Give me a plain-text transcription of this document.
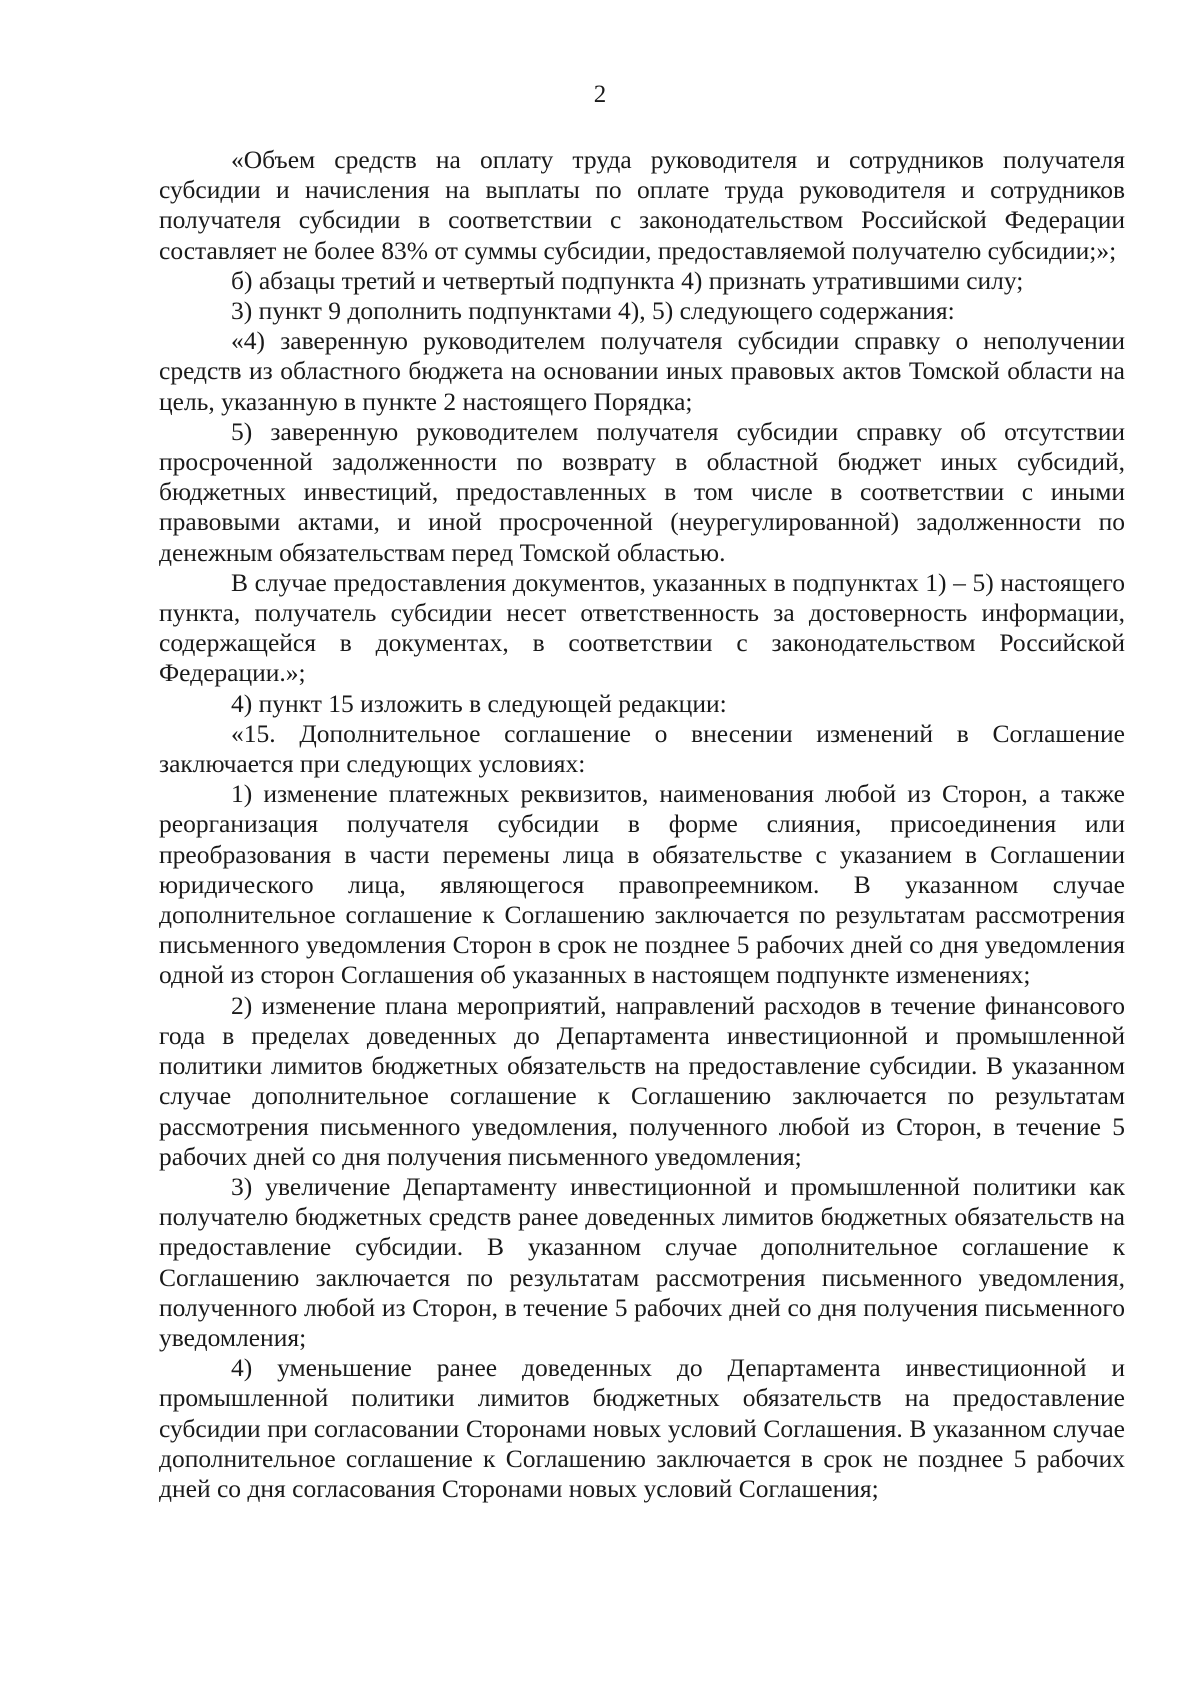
2

«Объем средств на оплату труда руководителя и сотрудников получателя субсидии и начисления на выплаты по оплате труда руководителя и сотрудников получателя субсидии в соответствии с законодательством Российской Федерации составляет не более 83% от суммы субсидии, предоставляемой получателю субсидии;»;

б) абзацы третий и четвертый подпункта 4) признать утратившими силу;

3) пункт 9 дополнить подпунктами 4), 5) следующего содержания:

«4) заверенную руководителем получателя субсидии справку о неполучении средств из областного бюджета на основании иных правовых актов Томской области на цель, указанную в пункте 2 настоящего Порядка;

5) заверенную руководителем получателя субсидии справку об отсутствии просроченной задолженности по возврату в областной бюджет иных субсидий, бюджетных инвестиций, предоставленных в том числе в соответствии с иными правовыми актами, и иной просроченной (неурегулированной) задолженности по денежным обязательствам перед Томской областью.

В случае предоставления документов, указанных в подпунктах 1) – 5) настоящего пункта, получатель субсидии несет ответственность за достоверность информации, содержащейся в документах, в соответствии с законодательством Российской Федерации.»;

4) пункт 15 изложить в следующей редакции:

«15. Дополнительное соглашение о внесении изменений в Соглашение заключается при следующих условиях:

1) изменение платежных реквизитов, наименования любой из Сторон, а также реорганизация получателя субсидии в форме слияния, присоединения или преобразования в части перемены лица в обязательстве с указанием в Соглашении юридического лица, являющегося правопреемником. В указанном случае дополнительное соглашение к Соглашению заключается по результатам рассмотрения письменного уведомления Сторон в срок не позднее 5 рабочих дней со дня уведомления одной из сторон Соглашения об указанных в настоящем подпункте изменениях;

2) изменение плана мероприятий, направлений расходов в течение финансового года в пределах доведенных до Департамента инвестиционной и промышленной политики лимитов бюджетных обязательств на предоставление субсидии. В указанном случае дополнительное соглашение к Соглашению заключается по результатам рассмотрения письменного уведомления, полученного любой из Сторон, в течение 5 рабочих дней со дня получения письменного уведомления;

3) увеличение Департаменту инвестиционной и промышленной политики как получателю бюджетных средств ранее доведенных лимитов бюджетных обязательств на предоставление субсидии. В указанном случае дополнительное соглашение к Соглашению заключается по результатам рассмотрения письменного уведомления, полученного любой из Сторон, в течение 5 рабочих дней со дня получения письменного уведомления;

4) уменьшение ранее доведенных до Департамента инвестиционной и промышленной политики лимитов бюджетных обязательств на предоставление субсидии при согласовании Сторонами новых условий Соглашения. В указанном случае дополнительное соглашение к Соглашению заключается в срок не позднее 5 рабочих дней со дня согласования Сторонами новых условий Соглашения;
